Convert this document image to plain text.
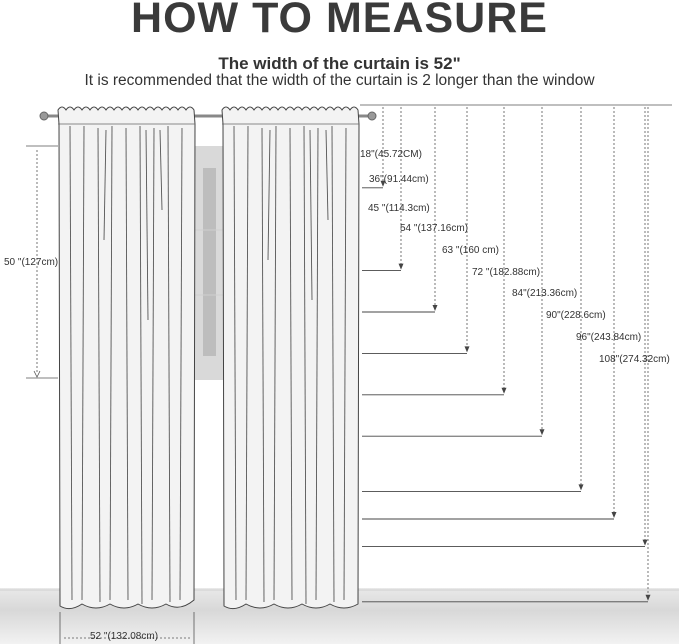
HOW TO MEASURE
The width of the curtain is 52"
It is recommended that the width of the curtain is 2 longer than the window
50 "(127cm)
52 "(132.08cm)
18"(45.72CM)
36"(91.44cm)
45 "(114.3cm)
54 "(137.16cm)
63 "(160 cm)
72 "(182.88cm)
84"(213.36cm)
90"(228.6cm)
96"(243.84cm)
108"(274.32cm)
